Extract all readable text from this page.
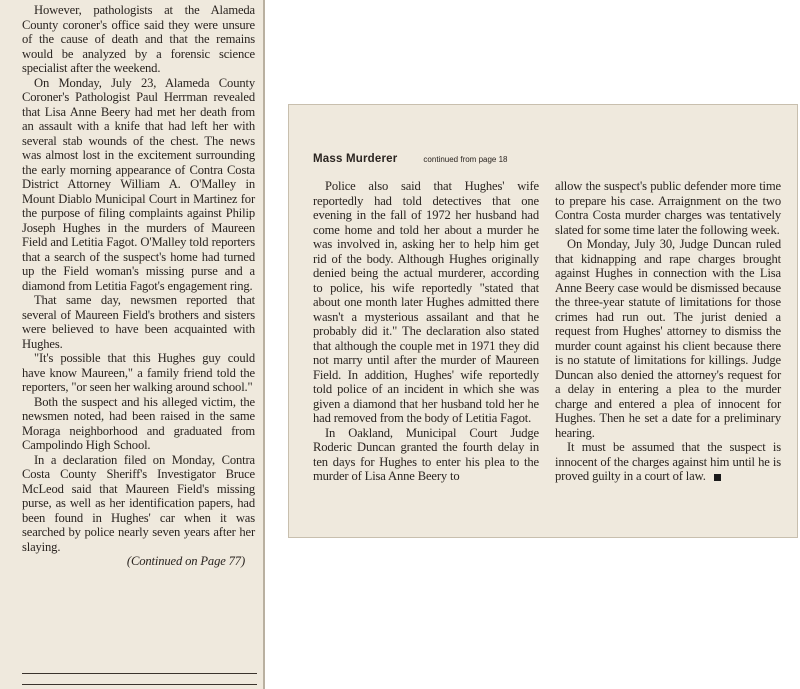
However, pathologists at the Alameda County coroner's office said they were unsure of the cause of death and that the remains would be analyzed by a forensic science specialist after the weekend.

On Monday, July 23, Alameda County Coroner's Pathologist Paul Herrman revealed that Lisa Anne Beery had met her death from an assault with a knife that had left her with several stab wounds of the chest. The news was almost lost in the excitement surrounding the early morning appearance of Contra Costa District Attorney William A. O'Malley in Mount Diablo Municipal Court in Martinez for the purpose of filing complaints against Philip Joseph Hughes in the murders of Maureen Field and Letitia Fagot. O'Malley told reporters that a search of the suspect's home had turned up the Field woman's missing purse and a diamond from Letitia Fagot's engagement ring.

That same day, newsmen reported that several of Maureen Field's brothers and sisters were believed to have been acquainted with Hughes.

"It's possible that this Hughes guy could have know Maureen," a family friend told the reporters, "or seen her walking around school."

Both the suspect and his alleged victim, the newsmen noted, had been raised in the same Moraga neighborhood and graduated from Campolindo High School.

In a declaration filed on Monday, Contra Costa County Sheriff's Investigator Bruce McLeod said that Maureen Field's missing purse, as well as her identification papers, had been found in Hughes' car when it was searched by police nearly seven years after her slaying.

(Continued on Page 77)

Mass Murderer	continued from page 18

Police also said that Hughes' wife reportedly had told detectives that one evening in the fall of 1972 her husband had come home and told her about a murder he was involved in, asking her to help him get rid of the body. Although Hughes originally denied being the actual murderer, according to police, his wife reportedly "stated that about one month later Hughes admitted there wasn't a mysterious assailant and that he probably did it." The declaration also stated that although the couple met in 1971 they did not marry until after the murder of Maureen Field. In addition, Hughes' wife reportedly told police of an incident in which she was given a diamond that her husband told her he had removed from the body of Letitia Fagot.

In Oakland, Municipal Court Judge Roderic Duncan granted the fourth delay in ten days for Hughes to enter his plea to the murder of Lisa Anne Beery to

allow the suspect's public defender more time to prepare his case. Arraignment on the two Contra Costa murder charges was tentatively slated for some time later the following week.

On Monday, July 30, Judge Duncan ruled that kidnapping and rape charges brought against Hughes in connection with the Lisa Anne Beery case would be dismissed because the three-year statute of limitations for those crimes had run out. The jurist denied a request from Hughes' attorney to dismiss the murder count against his client because there is no statute of limitations for killings. Judge Duncan also denied the attorney's request for a delay in entering a plea to the murder charge and entered a plea of innocent for Hughes. Then he set a date for a preliminary hearing.

It must be assumed that the suspect is innocent of the charges against him until he is proved guilty in a court of law.
